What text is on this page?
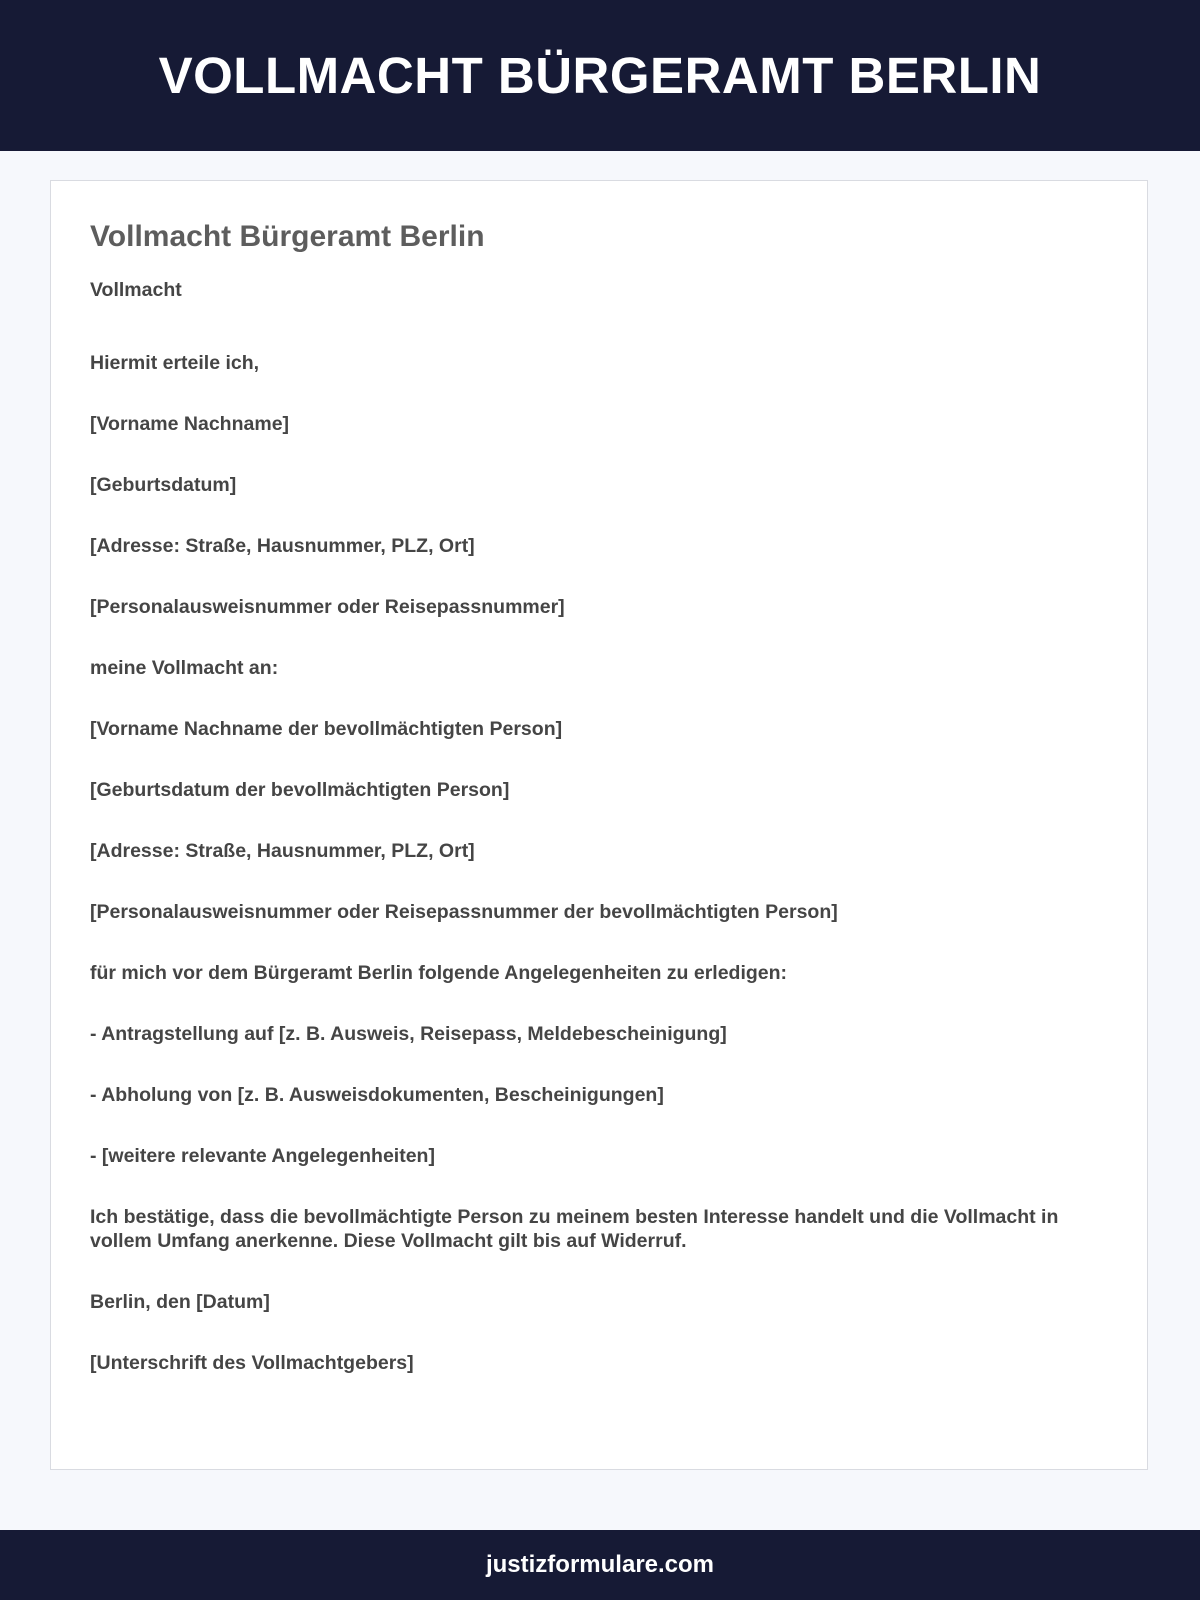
VOLLMACHT BÜRGERAMT BERLIN
Vollmacht Bürgeramt Berlin
Vollmacht

Hiermit erteile ich,

[Vorname Nachname]

[Geburtsdatum]

[Adresse: Straße, Hausnummer, PLZ, Ort]

[Personalausweisnummer oder Reisepassnummer]

meine Vollmacht an:

[Vorname Nachname der bevollmächtigten Person]

[Geburtsdatum der bevollmächtigten Person]

[Adresse: Straße, Hausnummer, PLZ, Ort]

[Personalausweisnummer oder Reisepassnummer der bevollmächtigten Person]

für mich vor dem Bürgeramt Berlin folgende Angelegenheiten zu erledigen:

- Antragstellung auf [z. B. Ausweis, Reisepass, Meldebescheinigung]

- Abholung von [z. B. Ausweisdokumenten, Bescheinigungen]

- [weitere relevante Angelegenheiten]

Ich bestätige, dass die bevollmächtigte Person zu meinem besten Interesse handelt und die Vollmacht in vollem Umfang anerkenne. Diese Vollmacht gilt bis auf Widerruf.

Berlin, den [Datum]

[Unterschrift des Vollmachtgebers]

justizformulare.com
